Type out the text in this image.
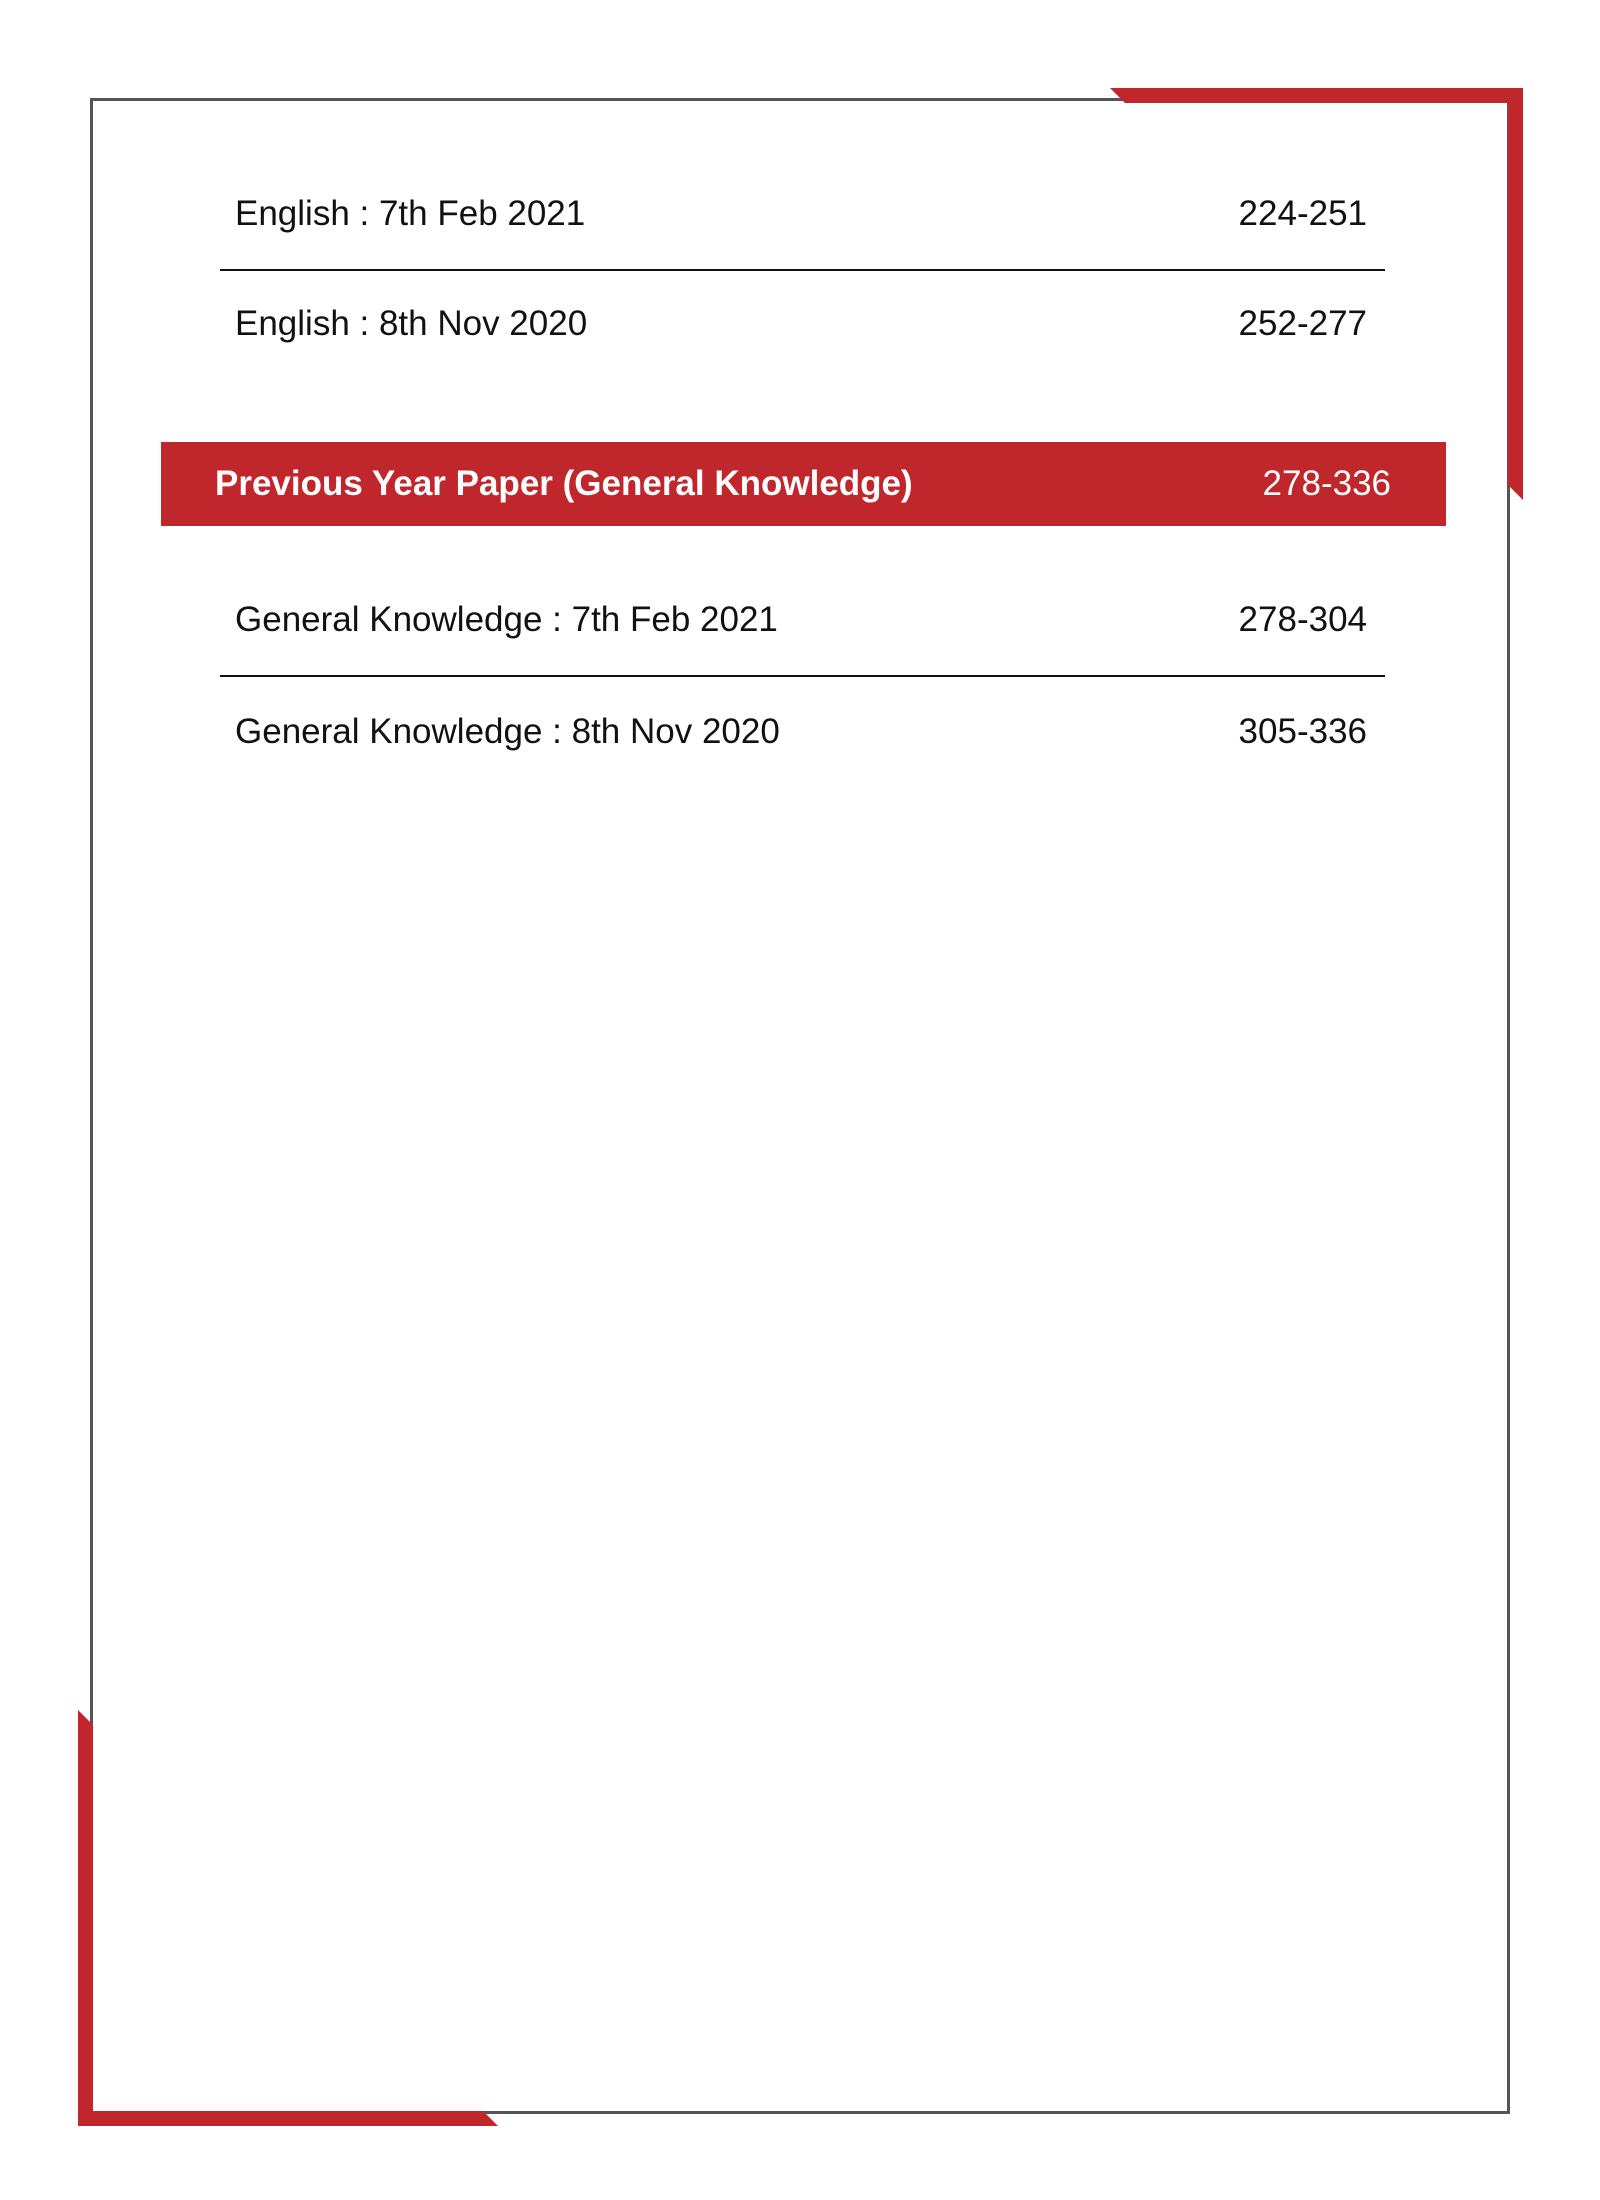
English : 7th Feb 2021	224-251
English : 8th Nov 2020	252-277
Previous Year Paper (General Knowledge)	278-336
General Knowledge : 7th Feb 2021	278-304
General Knowledge : 8th Nov 2020	305-336
